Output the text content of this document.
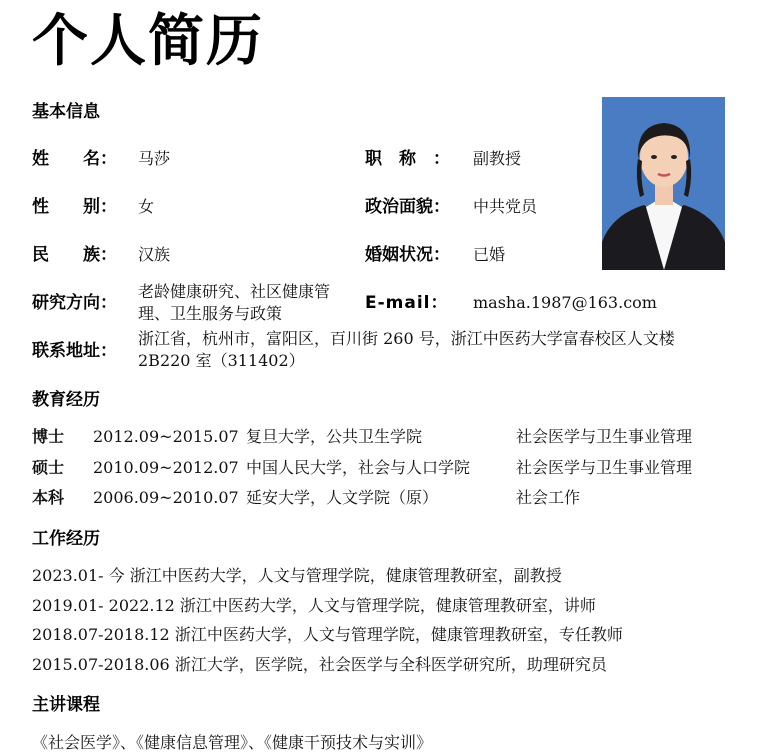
个人简历
基本信息
姓　　名： 马莎	职　称　： 副教授
性　　别： 女	政治面貌： 中共党员
民　　族： 汉族	婚姻状况： 已婚
研究方向：
老龄健康研究、社区健康管理、卫生服务与政策
E-mail： masha.1987@163.com
联系地址：
浙江省，杭州市，富阳区，百川街 260 号，浙江中医药大学富春校区人文楼 2B220 室（311402）
教育经历
博士 2012.09~2015.07 复旦大学，公共卫生学院	社会医学与卫生事业管理
硕士 2010.09~2012.07 中国人民大学，社会与人口学院	社会医学与卫生事业管理
本科 2006.09~2010.07 延安大学，人文学院（原）	社会工作
工作经历
2023.01- 今 浙江中医药大学，人文与管理学院，健康管理教研室，副教授
2019.01- 2022.12 浙江中医药大学，人文与管理学院，健康管理教研室，讲师
2018.07-2018.12 浙江中医药大学，人文与管理学院，健康管理教研室，专任教师
2015.07-2018.06 浙江大学，医学院，社会医学与全科医学研究所，助理研究员
主讲课程
《社会医学》、《健康信息管理》、《健康干预技术与实训》
